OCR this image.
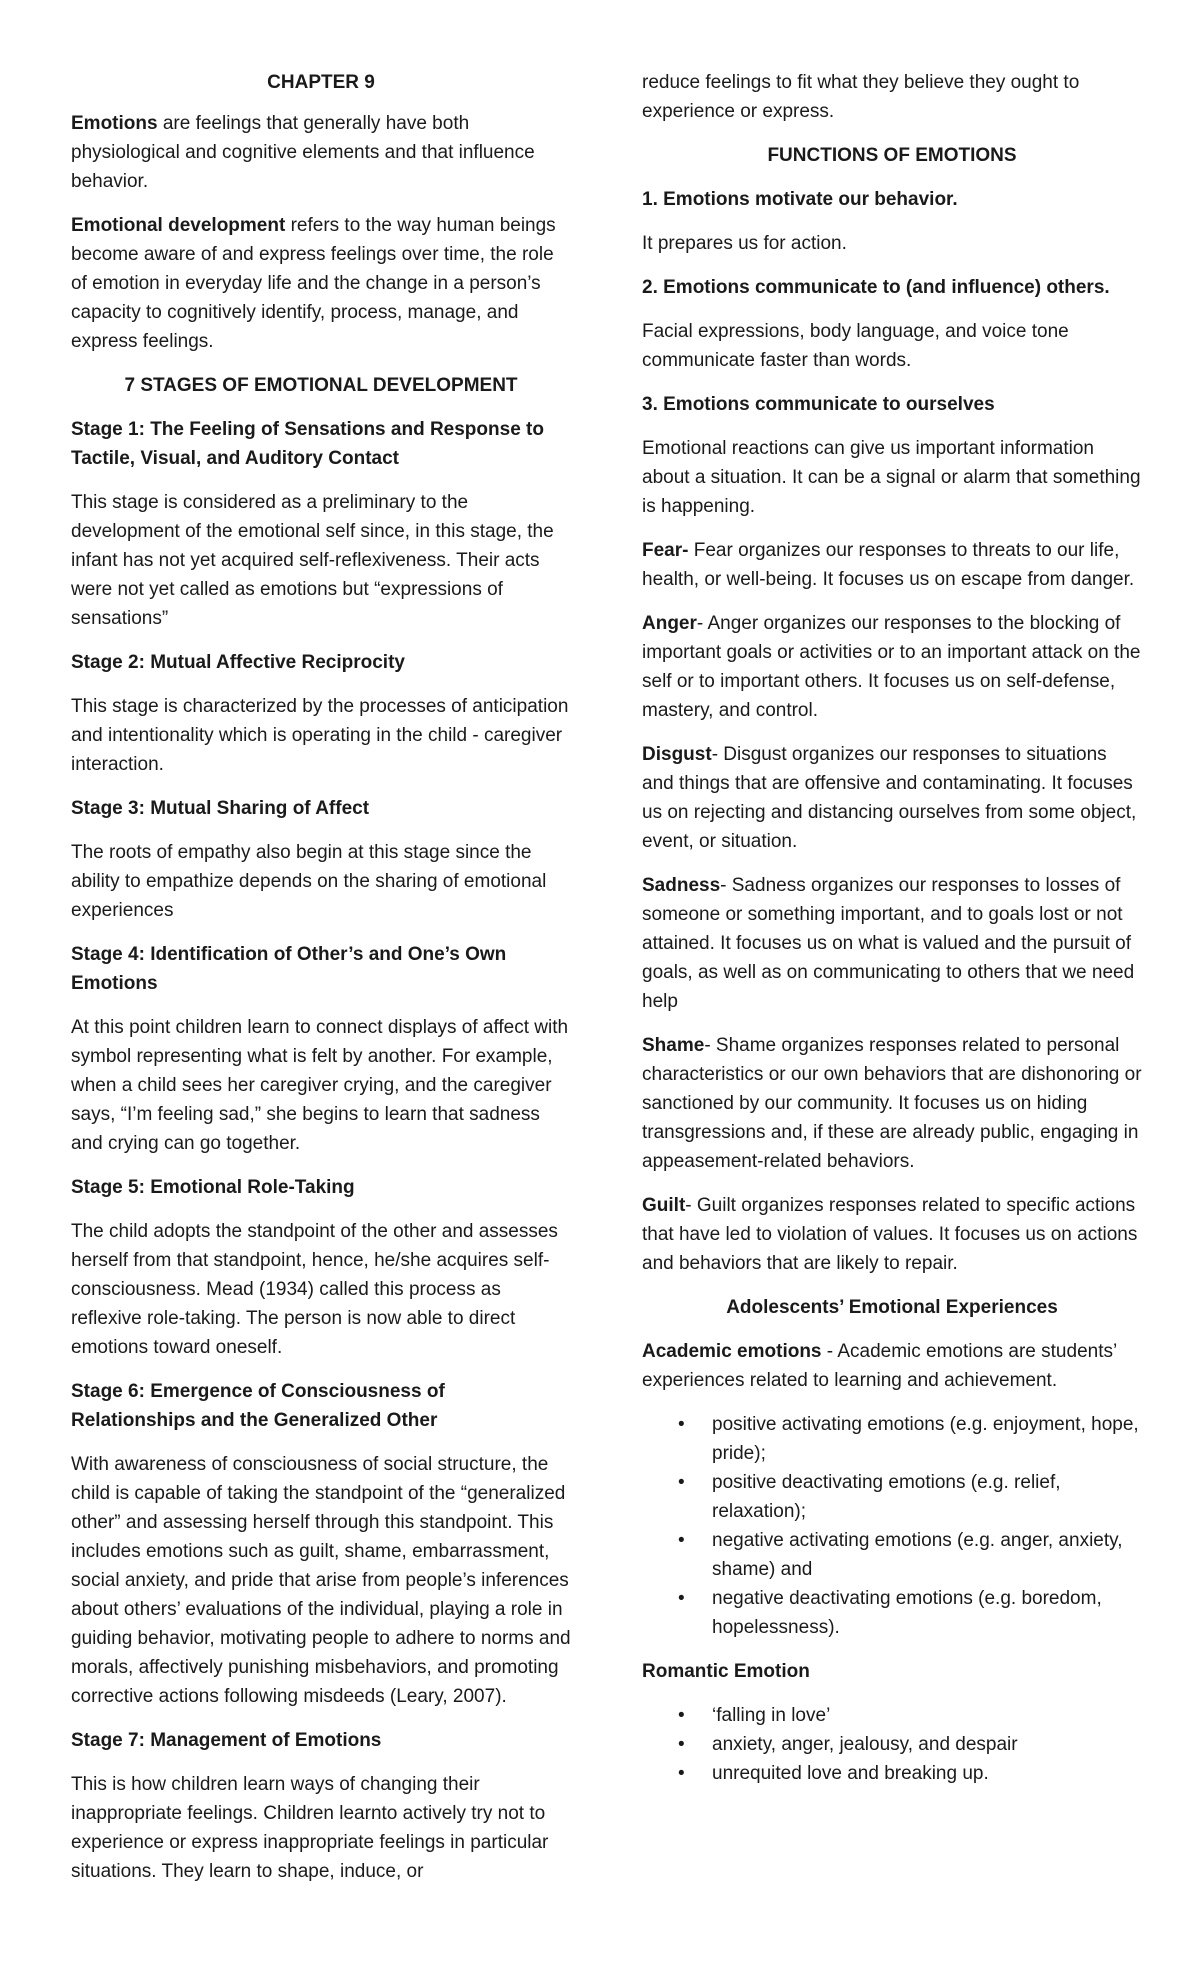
CHAPTER 9

Emotions are feelings that generally have both physiological and cognitive elements and that influence behavior.

Emotional development refers to the way human beings become aware of and express feelings over time, the role of emotion in everyday life and the change in a person’s capacity to cognitively identify, process, manage, and express feelings.

7 STAGES OF EMOTIONAL DEVELOPMENT

Stage 1: The Feeling of Sensations and Response to Tactile, Visual, and Auditory Contact

This stage is considered as a preliminary to the development of the emotional self since, in this stage, the infant has not yet acquired self-reflexiveness. Their acts were not yet called as emotions but “expressions of sensations”

Stage 2: Mutual Affective Reciprocity

This stage is characterized by the processes of anticipation and intentionality which is operating in the child - caregiver interaction.

Stage 3: Mutual Sharing of Affect

The roots of empathy also begin at this stage since the ability to empathize depends on the sharing of emotional experiences

Stage 4: Identification of Other’s and One’s Own Emotions

At this point children learn to connect displays of affect with symbol representing what is felt by another. For example, when a child sees her caregiver crying, and the caregiver says, “I’m feeling sad,” she begins to learn that sadness and crying can go together.

Stage 5: Emotional Role-Taking

The child adopts the standpoint of the other and assesses herself from that standpoint, hence, he/she acquires self-consciousness. Mead (1934) called this process as reflexive role-taking. The person is now able to direct emotions toward oneself.

Stage 6: Emergence of Consciousness of Relationships and the Generalized Other

With awareness of consciousness of social structure, the child is capable of taking the standpoint of the “generalized other” and assessing herself through this standpoint. This includes emotions such as guilt, shame, embarrassment, social anxiety, and pride that arise from people’s inferences about others’ evaluations of the individual, playing a role in guiding behavior, motivating people to adhere to norms and morals, affectively punishing misbehaviors, and promoting corrective actions following misdeeds (Leary, 2007).

Stage 7: Management of Emotions

This is how children learn ways of changing their inappropriate feelings. Children learnto actively try not to experience or express inappropriate feelings in particular situations. They learn to shape, induce, or

reduce feelings to fit what they believe they ought to experience or express.

FUNCTIONS OF EMOTIONS

1. Emotions motivate our behavior.

It prepares us for action.

2. Emotions communicate to (and influence) others.

Facial expressions, body language, and voice tone communicate faster than words.

3. Emotions communicate to ourselves

Emotional reactions can give us important information about a situation. It can be a signal or alarm that something is happening.

Fear- Fear organizes our responses to threats to our life, health, or well-being. It focuses us on escape from danger.

Anger- Anger organizes our responses to the blocking of important goals or activities or to an important attack on the self or to important others. It focuses us on self-defense, mastery, and control.

Disgust- Disgust organizes our responses to situations and things that are offensive and contaminating. It focuses us on rejecting and distancing ourselves from some object, event, or situation.

Sadness- Sadness organizes our responses to losses of someone or something important, and to goals lost or not attained. It focuses us on what is valued and the pursuit of goals, as well as on communicating to others that we need help

Shame- Shame organizes responses related to personal characteristics or our own behaviors that are dishonoring or sanctioned by our community. It focuses us on hiding transgressions and, if these are already public, engaging in appeasement-related behaviors.

Guilt- Guilt organizes responses related to specific actions that have led to violation of values. It focuses us on actions and behaviors that are likely to repair.

Adolescents’ Emotional Experiences

Academic emotions - Academic emotions are students’ experiences related to learning and achievement.

• positive activating emotions (e.g. enjoyment, hope, pride);
• positive deactivating emotions (e.g. relief, relaxation);
• negative activating emotions (e.g. anger, anxiety, shame) and
• negative deactivating emotions (e.g. boredom, hopelessness).

Romantic Emotion

• ‘falling in love’
• anxiety, anger, jealousy, and despair
• unrequited love and breaking up.
